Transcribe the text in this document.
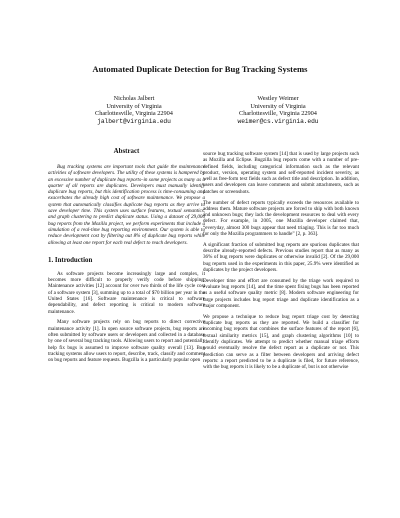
Automated Duplicate Detection for Bug Tracking Systems
Nicholas Jalbert
University of Virginia
Charlottesville, Virginia 22904
jalbert@virginia.edu
Westley Weimer
University of Virginia
Charlottesville, Virginia 22904
weimer@cs.virginia.edu
Abstract

Bug tracking systems are important tools that guide the maintenance activities of software developers. The utility of these systems is hampered by an excessive number of duplicate bug reports–in some projects as many as a quarter of all reports are duplicates. Developers must manually identify duplicate bug reports, but this identification process is time-consuming and exacerbates the already high cost of software maintenance. We propose a system that automatically classifies duplicate bug reports as they arrive to save developer time. This system uses surface features, textual semantics, and graph clustering to predict duplicate status. Using a dataset of 29,000 bug reports from the Mozilla project, we perform experiments that include a simulation of a real-time bug reporting environment. Our system is able to reduce development cost by filtering out 8% of duplicate bug reports while allowing at least one report for each real defect to reach developers.

1. Introduction

As software projects become increasingly large and complex, it becomes more difficult to properly verify code before shipping. Maintenance activities [12] account for over two thirds of the life cycle cost of a software system [3], summing up to a total of $70 billion per year in the United States [16]. Software maintenance is critical to software dependability, and defect reporting is critical to modern software maintenance.

Many software projects rely on bug reports to direct corrective maintenance activity [1]. In open source software projects, bug reports are often submitted by software users or developers and collected in a database by one of several bug tracking tools. Allowing users to report and potentially help fix bugs is assumed to improve software quality overall [13]. Bug tracking systems allow users to report, describe, track, classify and comment on bug reports and feature requests. Bugzilla is a particularly popular open

source bug tracking software system [14] that is used by large projects such as Mozilla and Eclipse. Bugzilla bug reports come with a number of pre-defined fields, including categorical information such as the relevant product, version, operating system and self-reported incident severity, as well as free-form text fields such as defect title and description. In addition, users and developers can leave comments and submit attachments, such as patches or screenshots.

The number of defect reports typically exceeds the resources available to address them. Mature software projects are forced to ship with both known and unknown bugs; they lack the development resources to deal with every defect. For example, in 2005, one Mozilla developer claimed that, “everyday, almost 300 bugs appear that need triaging. This is far too much for only the Mozilla programmers to handle” [2, p. 363].

A significant fraction of submitted bug reports are spurious duplicates that describe already-reported defects. Previous studies report that as many as 36% of bug reports were duplicates or otherwise invalid [2]. Of the 29,000 bug reports used in the experiments in this paper, 25.9% were identified as duplicates by the project developers.

Developer time and effort are consumed by the triage work required to evaluate bug reports [14], and the time spent fixing bugs has been reported as a useful software quality metric [8]. Modern software engineering for large projects includes bug report triage and duplicate identification as a major component.

We propose a technique to reduce bug report triage cost by detecting duplicate bug reports as they are reported. We build a classifier for incoming bug reports that combines the surface features of the report [6], textual similarity metrics [15], and graph clustering algorithms [10] to identify duplicates. We attempt to predict whether manual triage efforts would eventually resolve the defect report as a duplicate or not. This prediction can serve as a filter between developers and arriving defect reports: a report predicted to be a duplicate is filed, for future reference, with the bug reports it is likely to be a duplicate of, but is not otherwise
